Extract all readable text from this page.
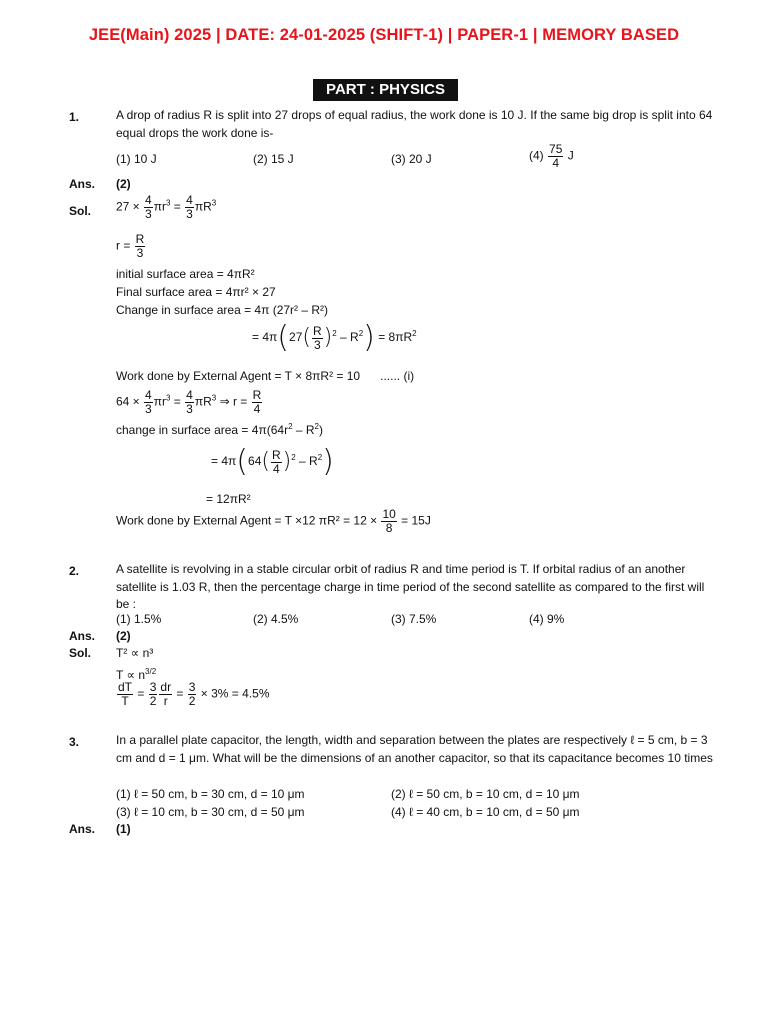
JEE(Main) 2025 | DATE: 24-01-2025 (SHIFT-1) | PAPER-1 | MEMORY BASED
PART : PHYSICS
1.	A drop of radius R is split into 27 drops of equal radius, the work done is 10 J. If the same big drop is split into 64 equal drops the work done is-
(1) 10 J	(2) 15 J	(3) 20 J	$(4) \frac{75}{4}$ J
Ans. (2)
Sol. $27 \times \frac{4}{3} \pi r^3 = \frac{4}{3} \pi R^3$
$r = \frac{R}{3}$
initial surface area = 4πR²
Final surface area = 4πr² × 27
Change in surface area = 4π (27r² – R²)
= $4\pi(27( \frac{R}{3} )^2 - R^2) = 8\pi R^2$
Work done by External Agent = T × 8πR² = 10 ...... (i)
$64 \times \frac{4}{3} \pi r^3 = \frac{4}{3} \pi R^3$ ⇒ $r = \frac{R}{4}$
change in surface area = $4\pi(64r^2 - R^2)$
= $4\pi(64( \frac{R}{4} )^2 - R^2)$
= 12πR²
Work done by External Agent = T ×12 $\pi R^2 = 12 \times \frac{10}{8} = 15J$
2.	A satellite is revolving in a stable circular orbit of radius R and time period is T. If orbital radius of an another satellite is 1.03 R, then the percentage charge in time period of the second satellite as compared to the first will be :
(1) 1.5%	(2) 4.5%	(3) 7.5%	(4) 9%
Ans. (2)
Sol. T² ∝ n³
$T \propto n^{3/2}$
$\frac{dT}{T} = \frac{3}{2} \frac{dr}{r} = \frac{3}{2} \times 3\% = 4.5\%$
3.	In a parallel plate capacitor, the length, width and separation between the plates are respectively ℓ = 5 cm, b = 3 cm and d = 1 μm. What will be the dimensions of an another capacitor, so that its capacitance becomes 10 times
(1) ℓ = 50 cm, b = 30 cm, d = 10 μm	(2) ℓ = 50 cm, b = 10 cm, d = 10 μm
(3) ℓ = 10 cm, b = 30 cm, d = 50 μm	(4) ℓ = 40 cm, b = 10 cm, d = 50 μm
Ans. (1)
